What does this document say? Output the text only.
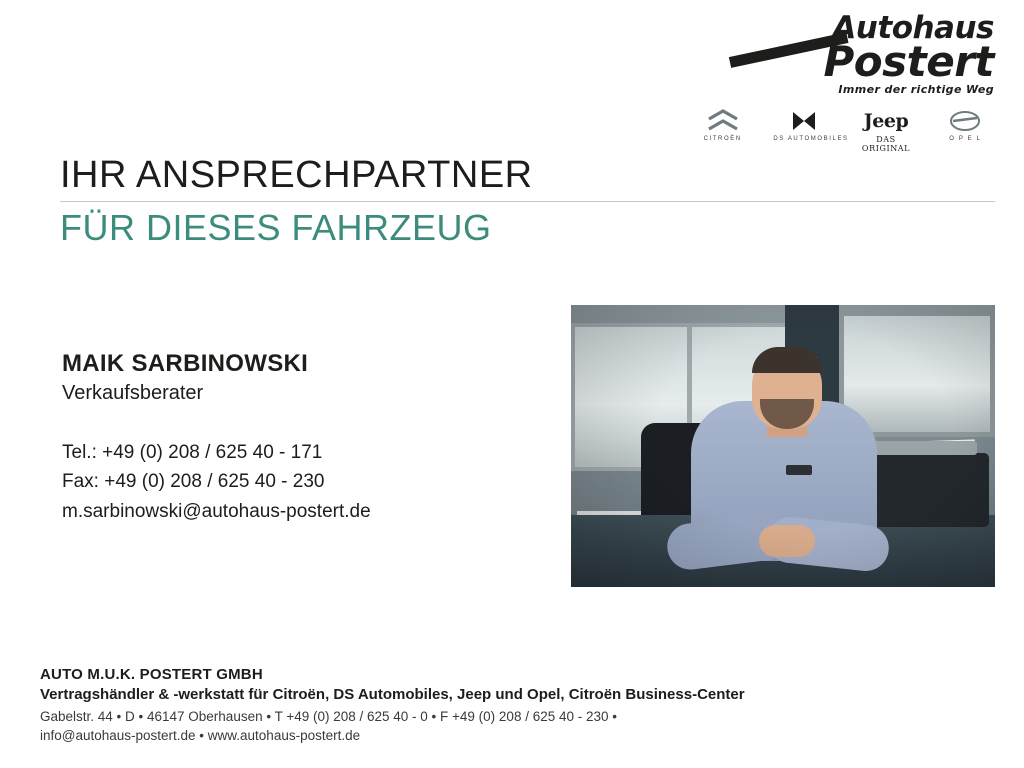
Autohaus
Postert
Immer der richtige Weg
CITROËN	DS AUTOMOBILES
Jeep
DAS ORIGINAL
O P E L
IHR ANSPRECHPARTNER
FÜR DIESES FAHRZEUG
MAIK SARBINOWSKI
Verkaufsberater
Tel.: +49 (0) 208 / 625 40 - 171
Fax: +49 (0) 208 / 625 40 - 230
m.sarbinowski@autohaus-postert.de
AUTO M.U.K. POSTERT GMBH
Vertragshändler & -werkstatt für Citroën, DS Automobiles, Jeep und Opel, Citroën Business-Center
Gabelstr. 44 • D • 46147 Oberhausen • T +49 (0) 208 / 625 40 - 0 • F +49 (0) 208 / 625 40 - 230 •
info@autohaus-postert.de • www.autohaus-postert.de
